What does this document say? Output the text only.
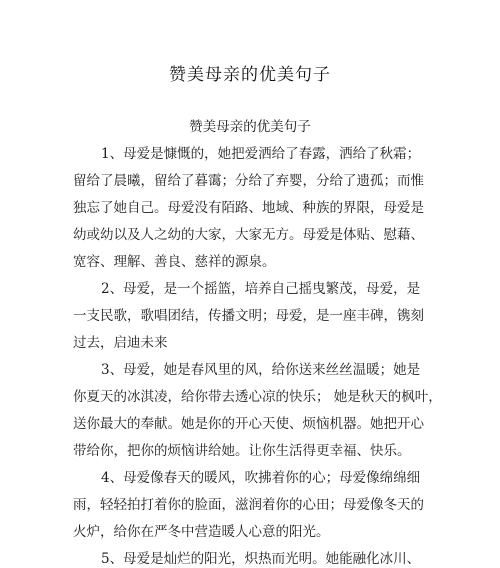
赞美母亲的优美句子
赞美母亲的优美句子
1、母爱是慷慨的，她把爱洒给了春露，洒给了秋霜；
留给了晨曦，留给了暮霭；分给了弃婴，分给了遗孤；而惟
独忘了她自己。母爱没有陌路、地域、种族的界限，母爱是
幼或幼以及人之幼的大家，大家无方。母爱是体贴、慰藉、
宽容、理解、善良、慈祥的源泉。
2、母爱，是一个摇篮，培养自己摇曳繁茂，母爱，是
一支民歌，歌唱团结，传播文明；母爱，是一座丰碑，镌刻
过去，启迪未来
3、母爱，她是春风里的风，给你送来丝丝温暖；她是
你夏天的冰淇凌，给你带去透心凉的快乐； 她是秋天的枫叶，
送你最大的奉献。她是你的开心天使、烦恼机器。她把开心
带给你，把你的烦恼讲给她。让你生活得更幸福、快乐。
4、母爱像春天的暖风，吹拂着你的心；母爱像绵绵细
雨，轻轻拍打着你的脸面，滋润着你的心田；母爱像冬天的
火炉，给你在严冬中营造暖人心意的阳光。
5、母爱是灿烂的阳光，炽热而光明。她能融化冰川、
